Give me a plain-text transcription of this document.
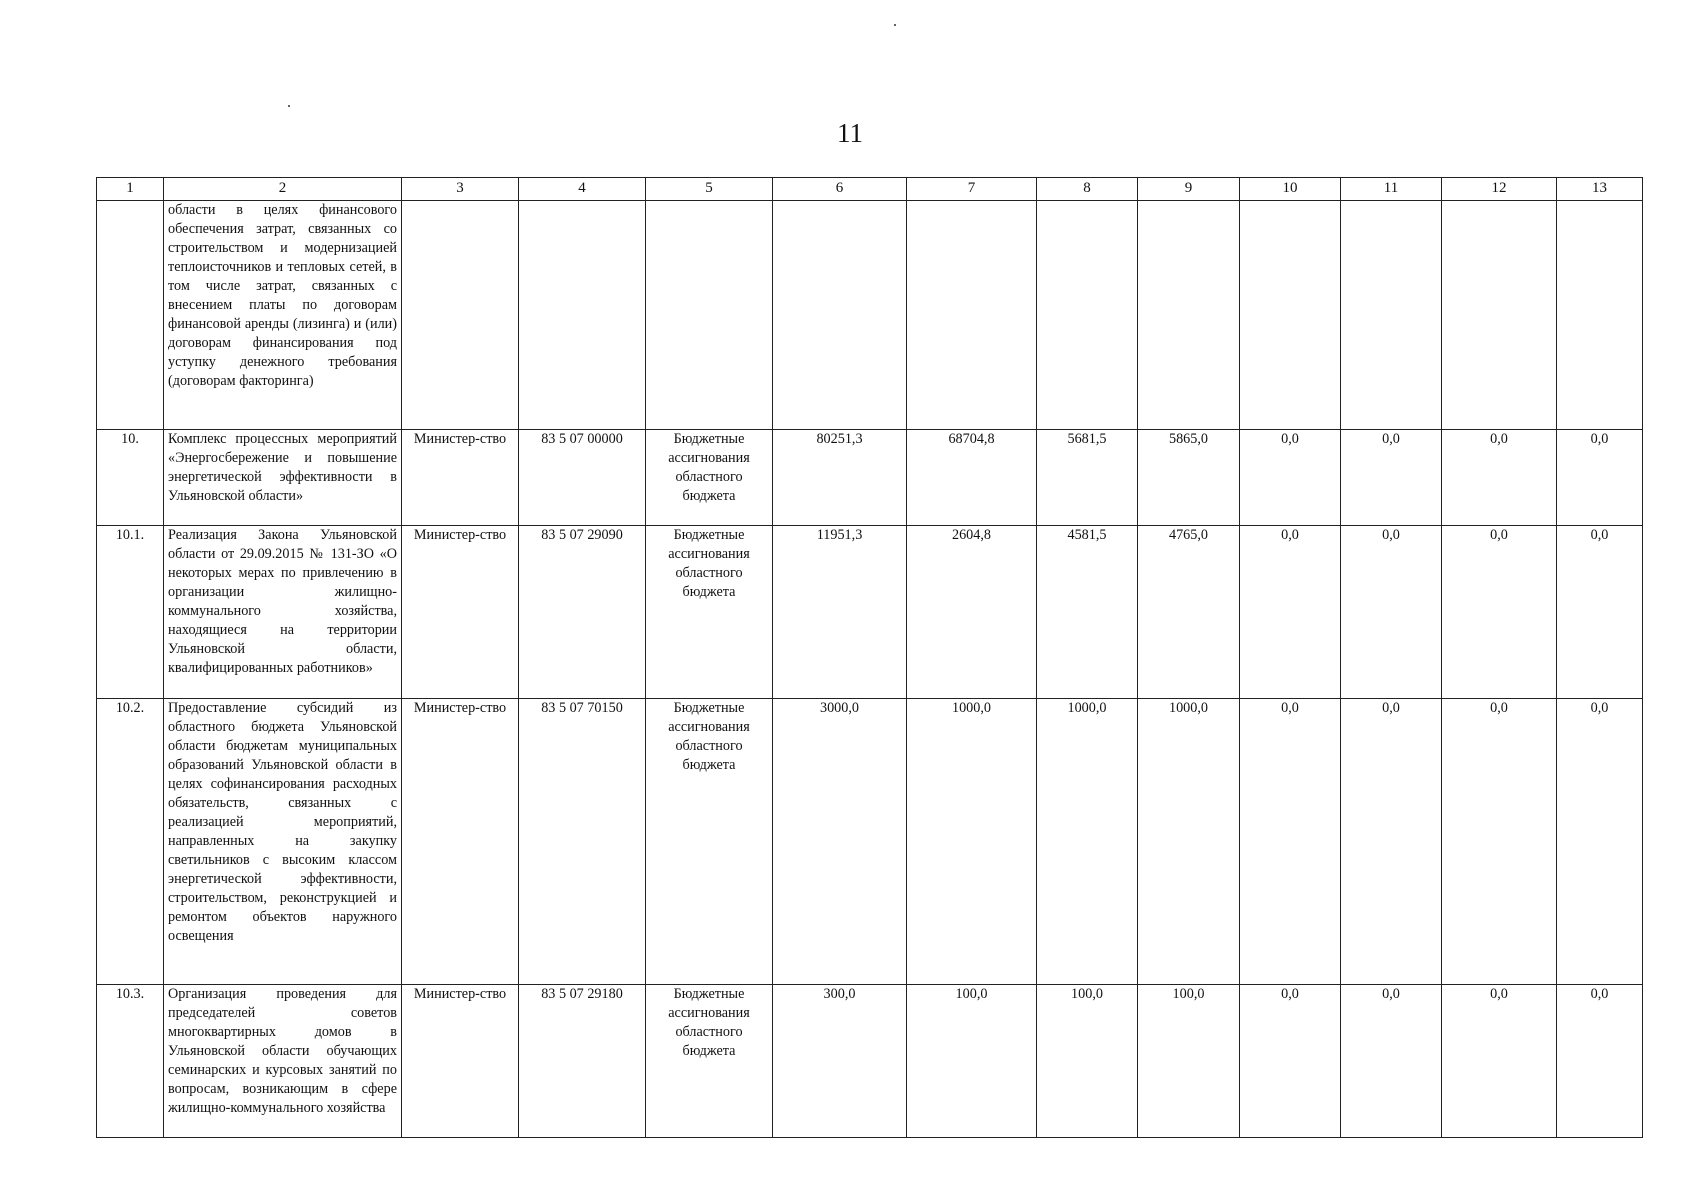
11
1	2	3	4	5	6	7	8	9	10	11	12	13
	области в целях финансового обеспечения затрат, связанных со строительством и модернизацией теплоисточников и тепловых сетей, в том числе затрат, связанных с внесением платы по договорам финансовой аренды (лизинга) и (или) договорам финансирования под уступку денежного требования (договорам факторинга)											
10.	Комплекс процессных мероприятий «Энергосбережение и повышение энергетической эффективности в Ульяновской области»	Министер-ство	83 5 07 00000	Бюджетные ассигнования областного бюджета	80251,3	68704,8	5681,5	5865,0	0,0	0,0	0,0	0,0
10.1.	Реализация Закона Ульяновской области от 29.09.2015 № 131-ЗО «О некоторых мерах по привлечению в организации жилищно-коммунального хозяйства, находящиеся на территории Ульяновской области, квалифицированных работников»	Министер-ство	83 5 07 29090	Бюджетные ассигнования областного бюджета	11951,3	2604,8	4581,5	4765,0	0,0	0,0	0,0	0,0
10.2.	Предоставление субсидий из областного бюджета Ульяновской области бюджетам муниципальных образований Ульяновской области в целях софинансирования расходных обязательств, связанных с реализацией мероприятий, направленных на закупку светильников с высоким классом энергетической эффективности, строительством, реконструкцией и ремонтом объектов наружного освещения	Министер-ство	83 5 07 70150	Бюджетные ассигнования областного бюджета	3000,0	1000,0	1000,0	1000,0	0,0	0,0	0,0	0,0
10.3.	Организация проведения для председателей советов многоквартирных домов в Ульяновской области обучающих семинарских и курсовых занятий по вопросам, возникающим в сфере жилищно-коммунального хозяйства	Министер-ство	83 5 07 29180	Бюджетные ассигнования областного бюджета	300,0	100,0	100,0	100,0	0,0	0,0	0,0	0,0
